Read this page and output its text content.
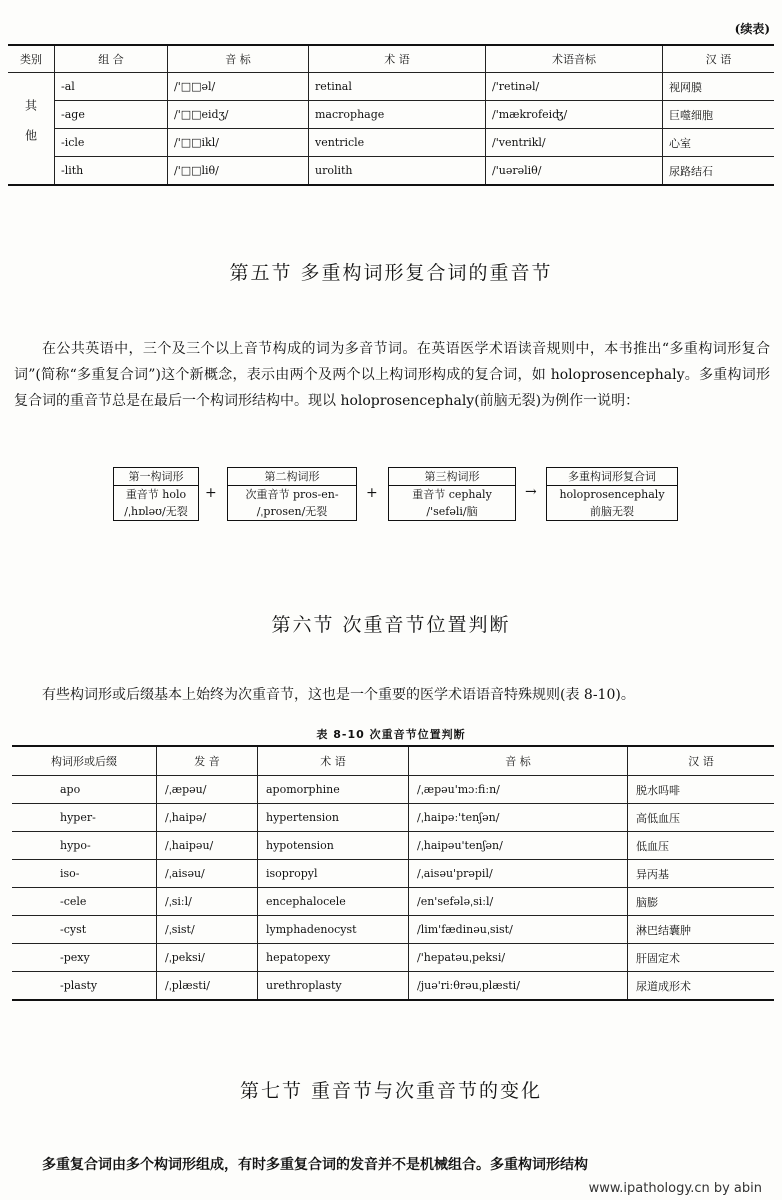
(续表)
类别	组 合	音 标	术 语	术语音标	汉 语
其他	-al	/'□□əl/	retinal	/'retinəl/	视网膜
	-age	/'□□eidʒ/	macrophage	/'mækrofeiʤ/	巨噬细胞
	-icle	/'□□ikl/	ventricle	/'ventrikl/	心室
	-lith	/'□□liθ/	urolith	/'uərəliθ/	尿路结石
第五节 多重构词形复合词的重音节
在公共英语中，三个及三个以上音节构成的词为多音节词。在英语医学术语读音规则中，本书推出“多重构词形复合词”(简称“多重复合词”)这个新概念，表示由两个及两个以上构词形构成的复合词，如 holoprosencephaly。多重构词形复合词的重音节总是在最后一个构词形结构中。现以 holoprosencephaly(前脑无裂)为例作一说明：
第一构词形
重音节 holo
/ˌhɒləʊ/无裂
+
第二构词形
次重音节 pros-en-
/ˌprosen/无裂
+
第三构词形
重音节 cephaly
/'sefəli/脑
→
多重构词形复合词
holoprosencephaly
前脑无裂
第六节 次重音节位置判断
有些构词形或后缀基本上始终为次重音节，这也是一个重要的医学术语语音特殊规则(表 8-10)。
表 8-10 次重音节位置判断
构词形或后缀	发 音	术 语	音 标	汉 语
apo	/ˌæpəu/	apomorphine	/ˌæpəu'mɔːfiːn/	脱水吗啡
hyper-	/ˌhaipə/	hypertension	/ˌhaipəː'tenʃən/	高低血压
hypo-	/ˌhaipəu/	hypotension	/ˌhaipəu'tenʃən/	低血压
iso-	/ˌaisəu/	isopropyl	/ˌaisəu'prəpil/	异丙基
-cele	/ˌsiːl/	encephalocele	/en'sefələˌsiːl/	脑膨
-cyst	/ˌsist/	lymphadenocyst	/lim'fædinəuˌsist/	淋巴结囊肿
-pexy	/ˌpeksi/	hepatopexy	/'hepatəuˌpeksi/	肝固定术
-plasty	/ˌplæsti/	urethroplasty	/juə'riːθrəuˌplæsti/	尿道成形术
第七节 重音节与次重音节的变化
多重复合词由多个构词形组成，有时多重复合词的发音并不是机械组合。多重构词形结构
www.ipathology.cn by abin
